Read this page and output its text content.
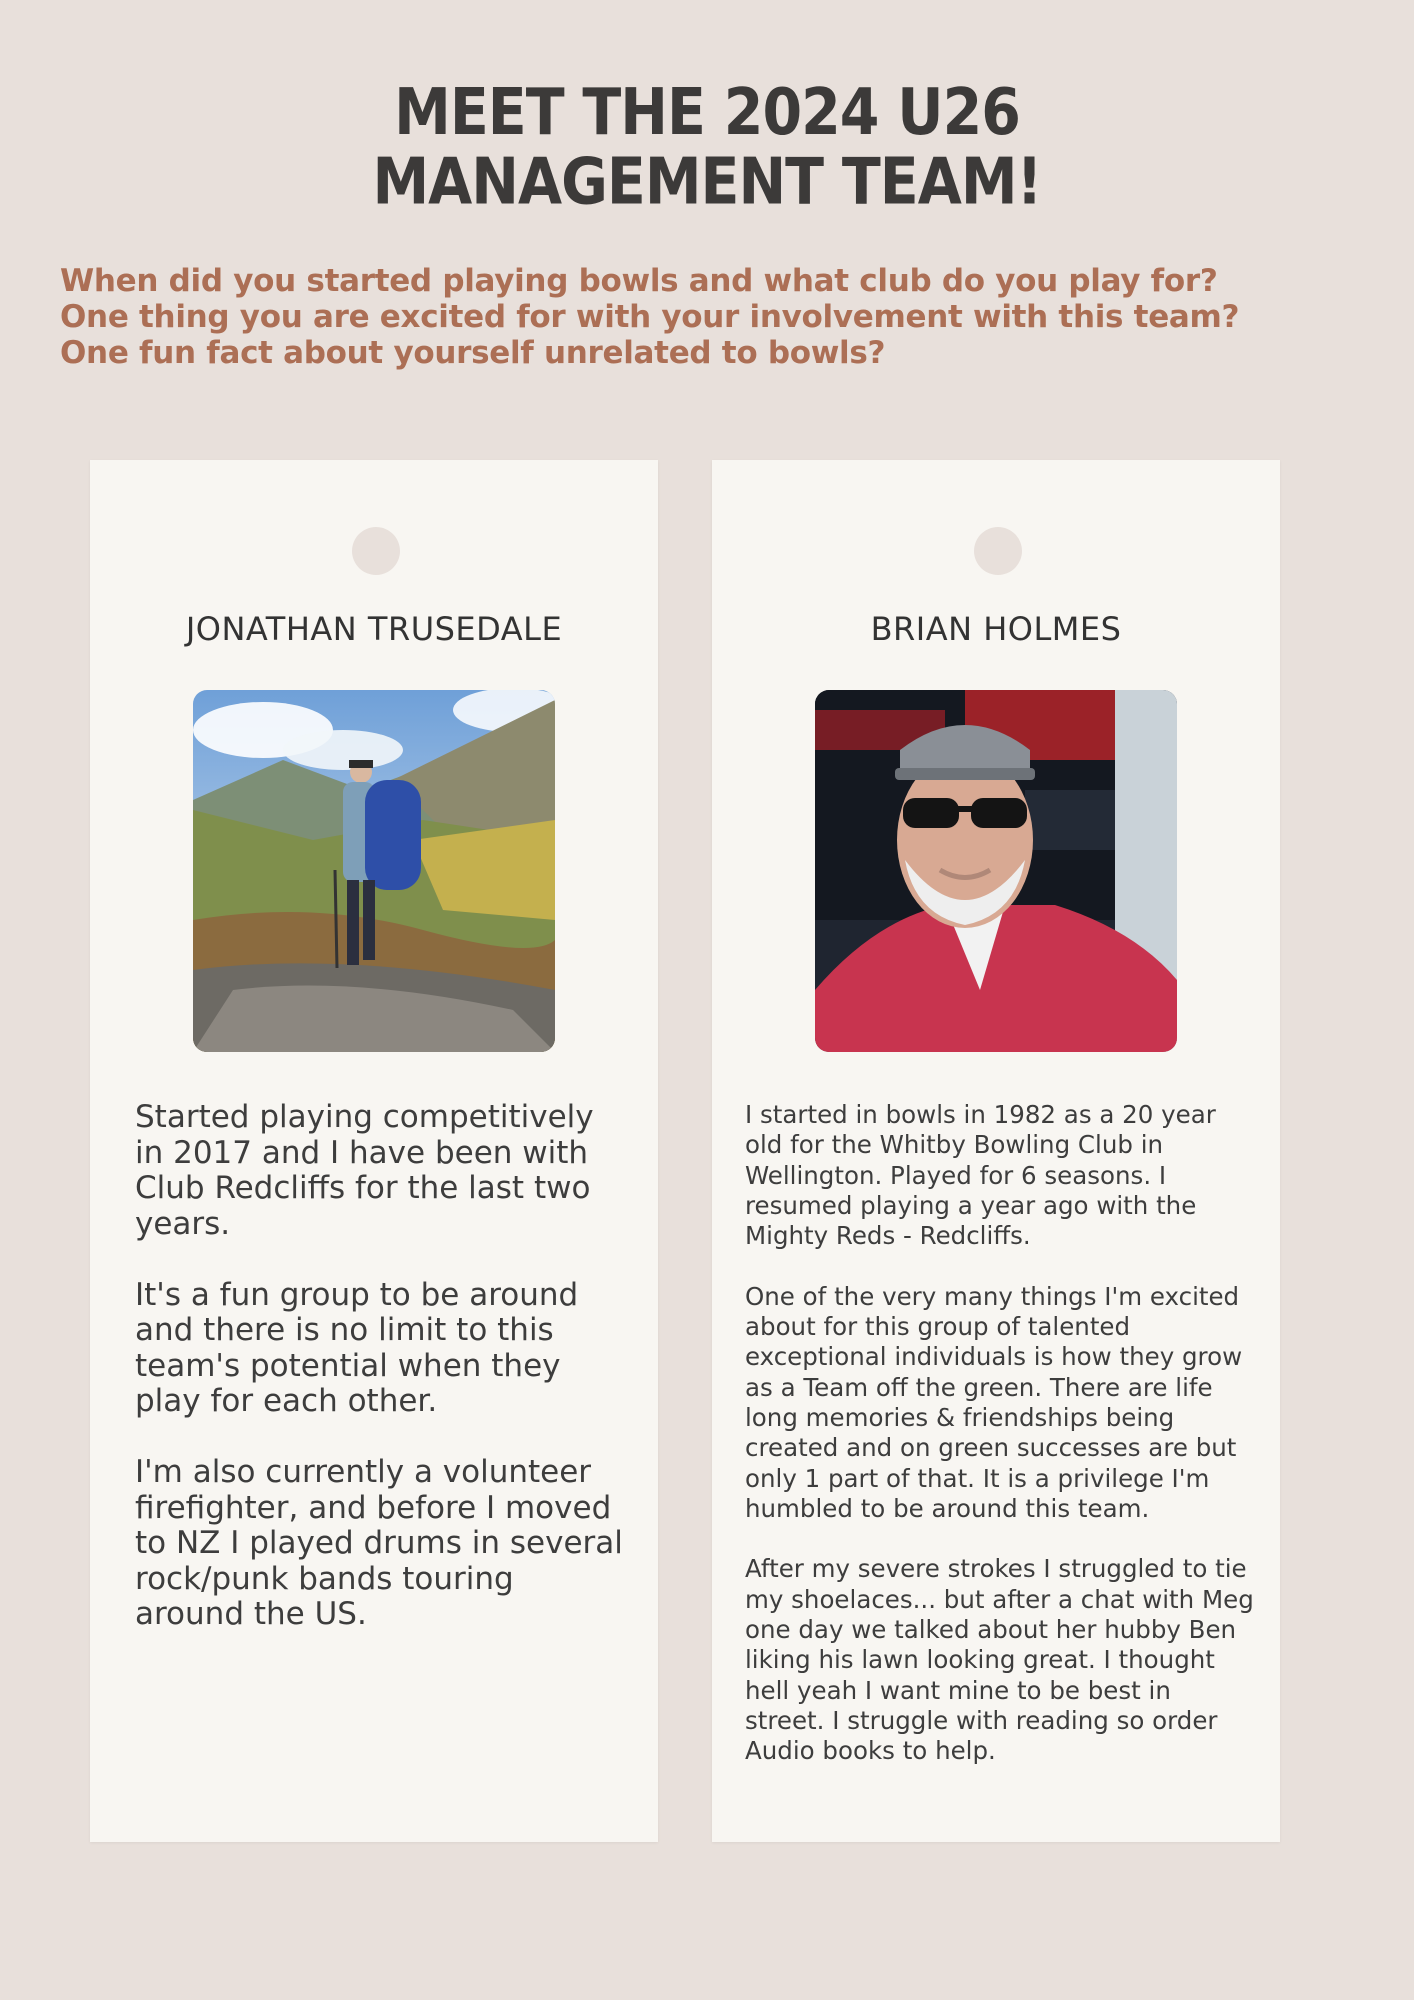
MEET THE 2024 U26
MANAGEMENT TEAM!
When did you started playing bowls and what club do you play for?
One thing you are excited for with your involvement with this team?
One fun fact about yourself unrelated to bowls?
JONATHAN TRUSEDALE

Started playing competitively in 2017 and I have been with Club Redcliffs for the last two years.

It's a fun group to be around and there is no limit to this team's potential when they play for each other.

I'm also currently a volunteer firefighter, and before I moved to NZ I played drums in several rock/punk bands touring around the US.

BRIAN HOLMES

I started in bowls in 1982 as a 20 year old for the Whitby Bowling Club in Wellington. Played for 6 seasons. I resumed playing a year ago with the Mighty Reds - Redcliffs.

One of the very many things I'm excited about for this group of talented exceptional individuals is how they grow as a Team off the green. There are life long memories & friendships being created and on green successes are but only 1 part of that. It is a privilege I'm humbled to be around this team.

After my severe strokes I struggled to tie my shoelaces... but after a chat with Meg one day we talked about her hubby Ben liking his lawn looking great. I thought hell yeah I want mine to be best in street. I struggle with reading so order Audio books to help.
